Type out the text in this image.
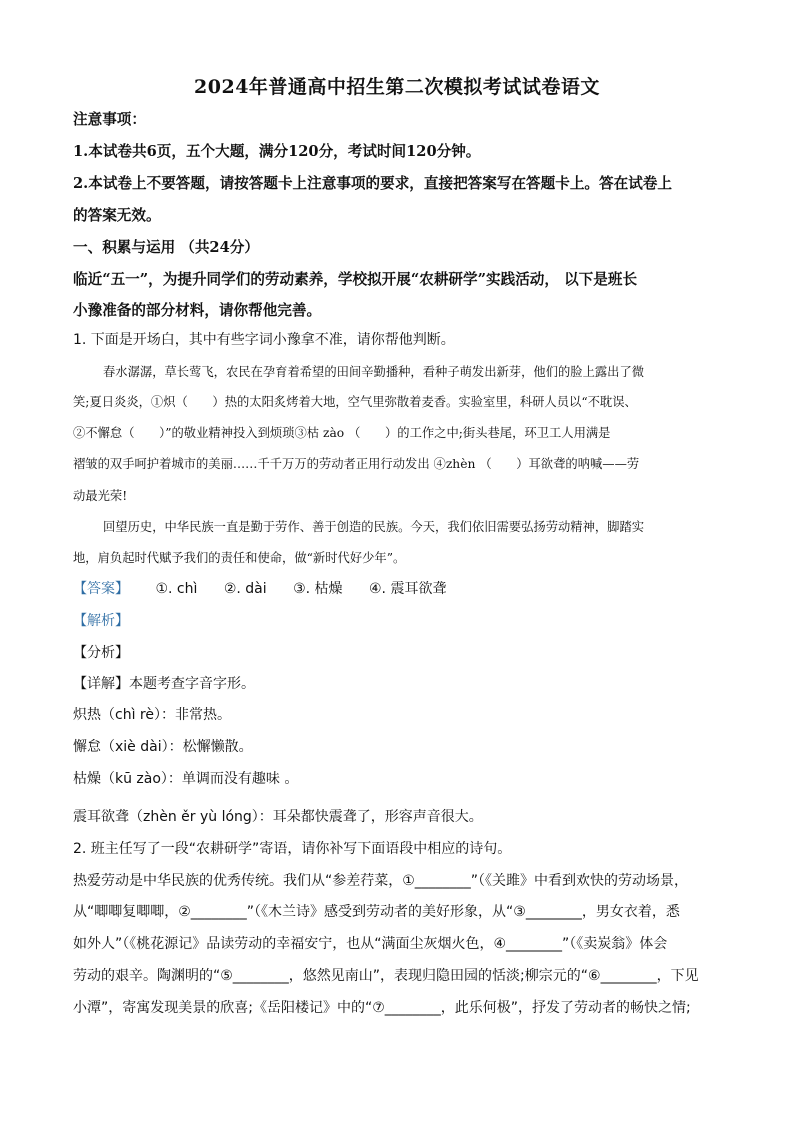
2024年普通高中招生第二次模拟考试试卷语文
注意事项：
1.本试卷共6页，五个大题，满分120分，考试时间120分钟。
2.本试卷上不要答题，请按答题卡上注意事项的要求，直接把答案写在答题卡上。答在试卷上
的答案无效。
一、积累与运用 （共24分）
临近“五一”，为提升同学们的劳动素养，学校拟开展“农耕研学”实践活动， 以下是班长
小豫准备的部分材料，请你帮他完善。
1. 下面是开场白，其中有些字词小豫拿不准，请你帮他判断。
春水潺潺，草长莺飞，农民在孕育着希望的田间辛勤播种，看种子萌发出新芽，他们的脸上露出了微
笑;夏日炎炎，①炽（　　）热的太阳炙烤着大地，空气里弥散着麦香。实验室里，科研人员以“不耽误、
②不懈怠（　　）”的敬业精神投入到烦琐③枯 zào （　　）的工作之中;街头巷尾，环卫工人用满是
褶皱的双手呵护着城市的美丽……千千万万的劳动者正用行动发出 ④zhèn （　　）耳欲聋的呐喊——劳
动最光荣!
回望历史，中华民族一直是勤于劳作、善于创造的民族。今天，我们依旧需要弘扬劳动精神，脚踏实
地，肩负起时代赋予我们的责任和使命，做“新时代好少年”。
【答案】 ①. chì ②. dài ③. 枯燥 ④. 震耳欲聋
【解析】
【分析】
【详解】本题考查字音字形。
炽热（chì rè）：非常热。
懈怠（xiè dài）：松懈懒散。
枯燥（kū zào）：单调而没有趣味 。
震耳欲聋（zhèn ěr yù lóng）：耳朵都快震聋了，形容声音很大。
2. 班主任写了一段“农耕研学”寄语，请你补写下面语段中相应的诗句。
热爱劳动是中华民族的优秀传统。我们从“参差荇菜，①________”（《关雎》中看到欢快的劳动场景，
从“唧唧复唧唧，②________”（《木兰诗》感受到劳动者的美好形象，从“③________，男女衣着，悉
如外人”（《桃花源记》品读劳动的幸福安宁，也从“满面尘灰烟火色，④________”（《卖炭翁》体会
劳动的艰辛。陶渊明的“⑤________，悠然见南山”，表现归隐田园的恬淡;柳宗元的“⑥________，下见
小潭”，寄寓发现美景的欣喜;《岳阳楼记》中的“⑦________，此乐何极”，抒发了劳动者的畅快之情;
